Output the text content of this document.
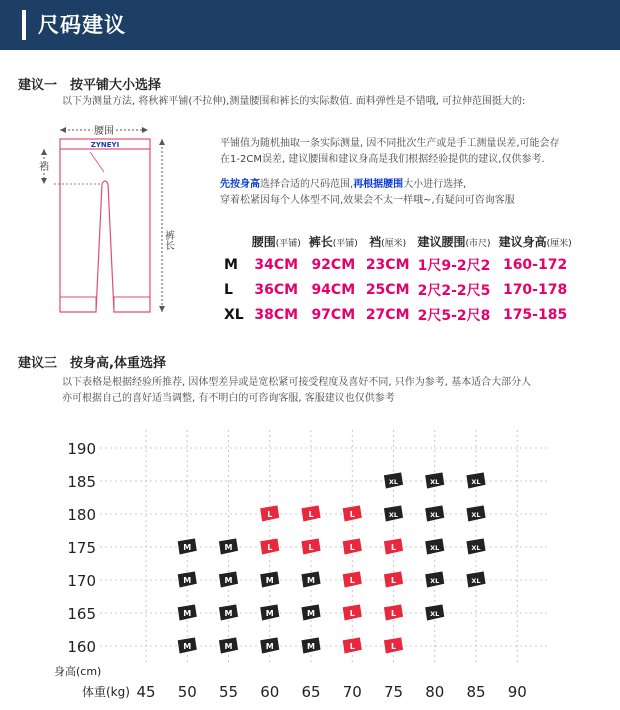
尺码建议
建议一　按平铺大小选择
以下为测量方法, 将秋裤平铺(不拉伸),测量腰围和裤长的实际数值. 面料弹性是不错哦, 可拉伸范围挺大的:
腰围
ZYNEYI
裆
裤长
平铺值为随机抽取一条实际测量, 因不同批次生产或是手工测量误差,可能会存
在1-2CM误差, 建议腰围和建议身高是我们根据经验提供的建议,仅供参考.
先按身高选择合适的尺码范围,再根据腰围大小进行选择,
穿着松紧因每个人体型不同,效果会不太一样哦~,有疑问可咨询客服
	腰围(平铺)	裤长(平铺)	裆(厘米)	建议腰围(市尺)	建议身高(厘米)
M	34CM	92CM	23CM	1尺9-2尺2	160-172
L	36CM	94CM	25CM	2尺2-2尺5	170-178
XL	38CM	97CM	27CM	2尺5-2尺8	175-185
建议三　按身高,体重选择
以下表格是根据经验所推荐, 因体型差异或是宽松紧可接受程度及喜好不同, 只作为参考, 基本适合大部分人
亦可根据自己的喜好适当调整, 有不明白的可咨询客服, 客服建议也仅供参考
160
165
170
175
180
185
190
身高(cm)
体重(kg) 45 50 55 60 65 70 75 80 85 90
M	M
M	M
M	M
M	M
M	M
M	M
M	M
L	L
L	L
L	L
L	L	L	L
L	L	L
XL
XL	XL
XL	XL
XL	XL	XL
XL	XL	XL
